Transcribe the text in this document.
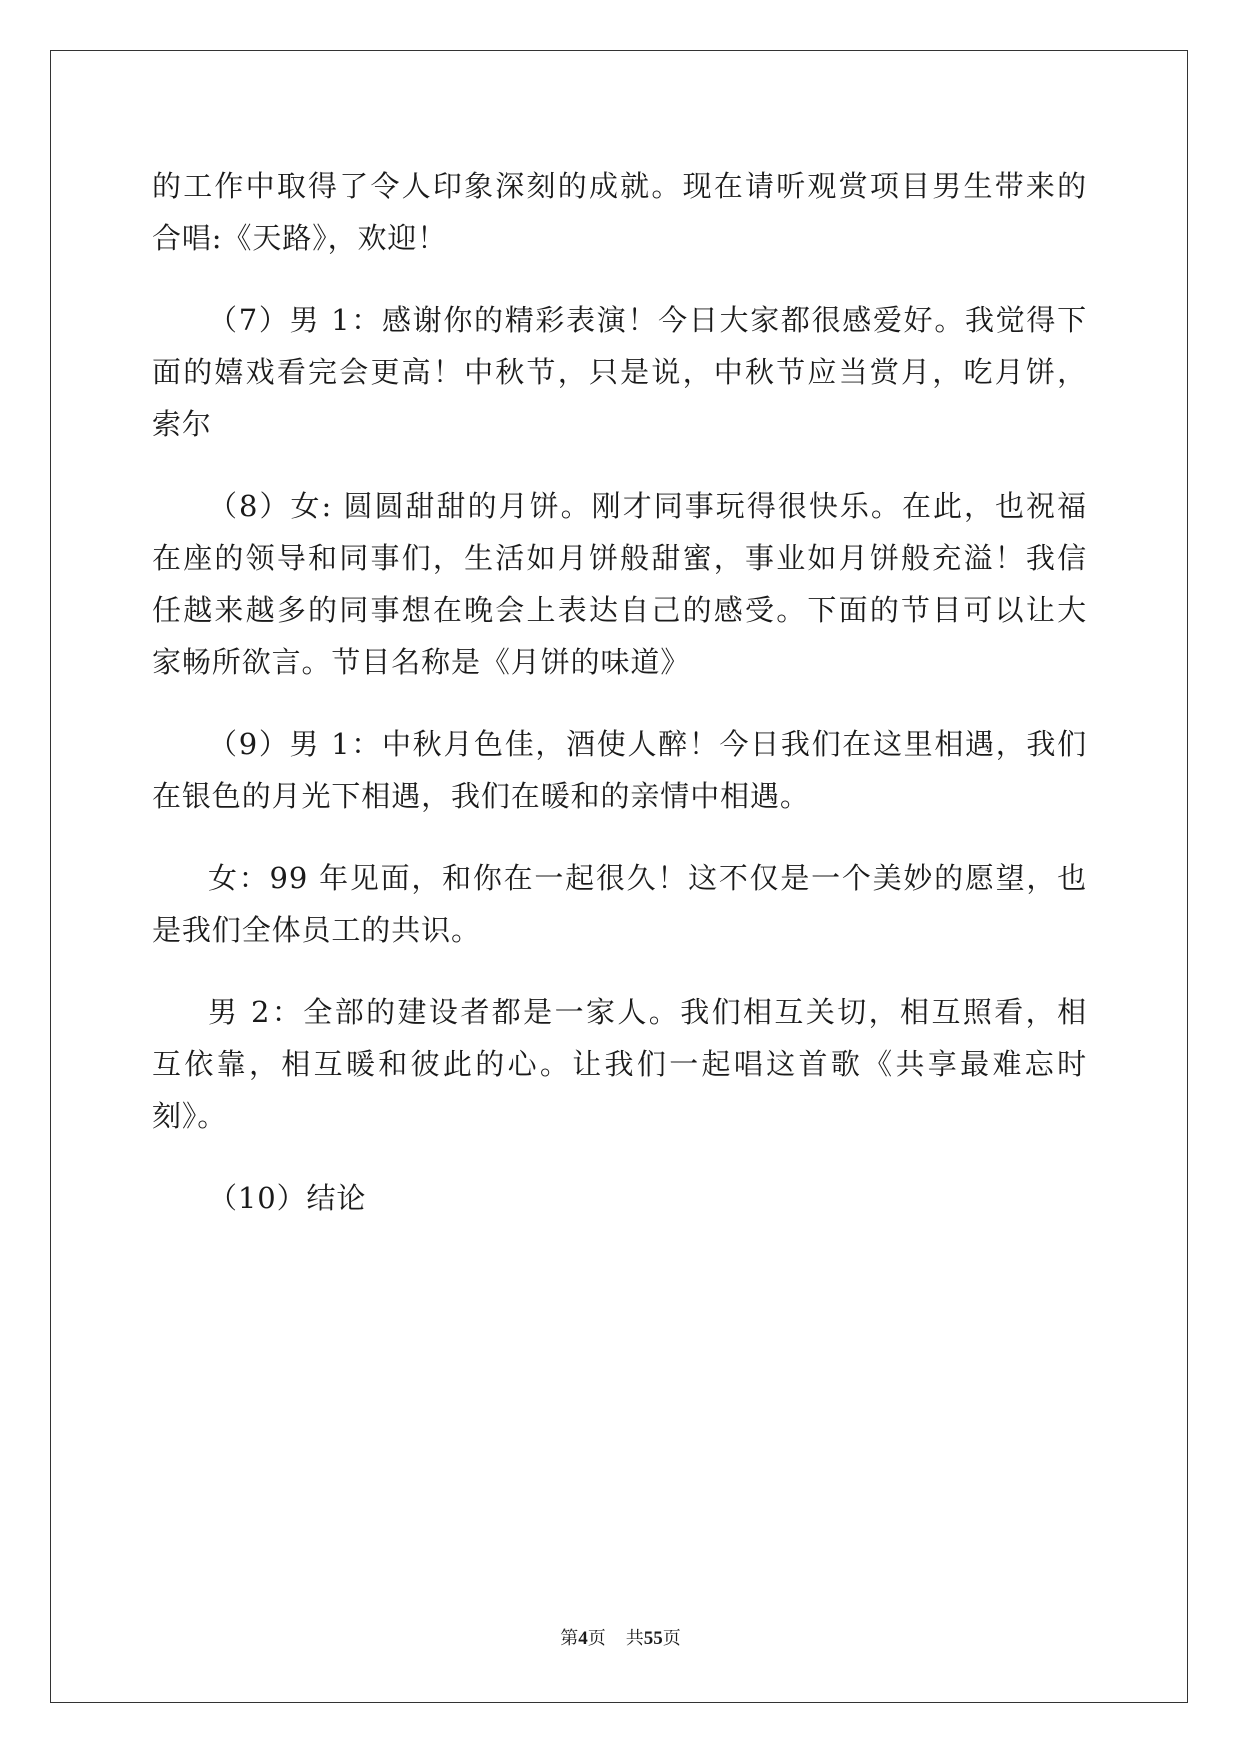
的工作中取得了令人印象深刻的成就。现在请听观赏项目男生带来的
合唱:《天路》，欢迎！
（7）男 1：感谢你的精彩表演！今日大家都很感爱好。我觉得下
面的嬉戏看完会更高！中秋节，只是说，中秋节应当赏月，吃月饼，
索尔
（8）女: 圆圆甜甜的月饼。刚才同事玩得很快乐。在此，也祝福
在座的领导和同事们，生活如月饼般甜蜜，事业如月饼般充溢！我信
任越来越多的同事想在晚会上表达自己的感受。下面的节目可以让大
家畅所欲言。节目名称是《月饼的味道》
（9）男 1：中秋月色佳，酒使人醉！今日我们在这里相遇，我们
在银色的月光下相遇，我们在暖和的亲情中相遇。
女：99 年见面，和你在一起很久！这不仅是一个美妙的愿望，也
是我们全体员工的共识。
男 2：全部的建设者都是一家人。我们相互关切，相互照看，相
互依靠，相互暖和彼此的心。让我们一起唱这首歌《共享最难忘时
刻》。
（10）结论
第4页 共55页
